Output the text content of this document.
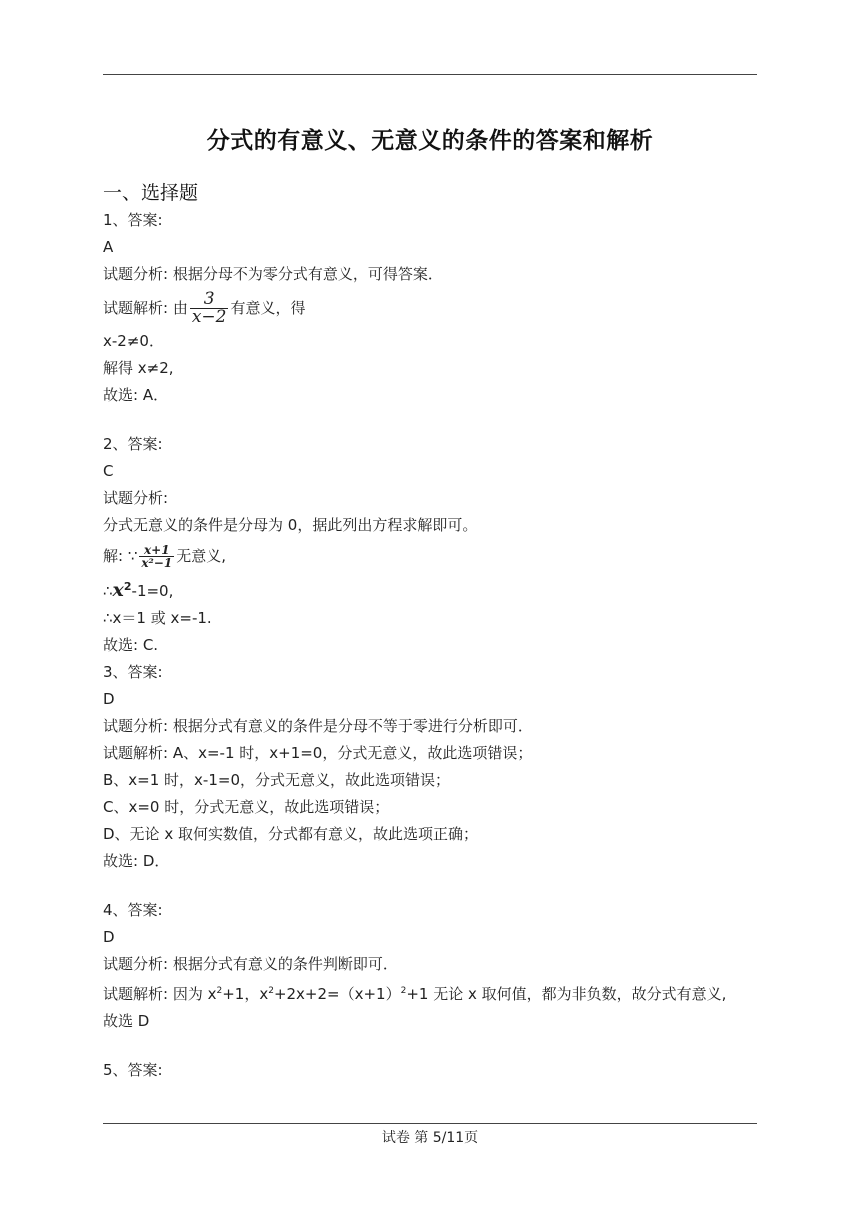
分式的有意义、无意义的条件的答案和解析
一、选择题
1、答案:
A
试题分析: 根据分母不为零分式有意义，可得答案．
试题解析: 由 $\frac{3}{x-2}$ 有意义，得
x-2≠0．
解得 x≠2,
故选: A．
2、答案:
C
试题分析:
分式无意义的条件是分母为 0，据此列出方程求解即可。
解: ∵ $\frac{x+1}{\text{x²−1}}$ 无意义,
$\therefore x^2-1=0$,
∴x＝1 或 x=-1.
故选: C.
3、答案:
D
试题分析: 根据分式有意义的条件是分母不等于零进行分析即可．
试题解析: A、x=-1 时，x+1=0，分式无意义，故此选项错误；
B、x=1 时，x-1=0，分式无意义，故此选项错误；
C、x=0 时，分式无意义，故此选项错误；
D、无论 x 取何实数值，分式都有意义，故此选项正确；
故选: D．
4、答案:
D
试题分析: 根据分式有意义的条件判断即可．
试题解析: 因为 $x^2+1$，$x^2+2x+2=(x+1)^2+1$ 无论 x 取何值，都为非负数，故分式有意义,
故选 D
5、答案:
试卷 第 5/11页
